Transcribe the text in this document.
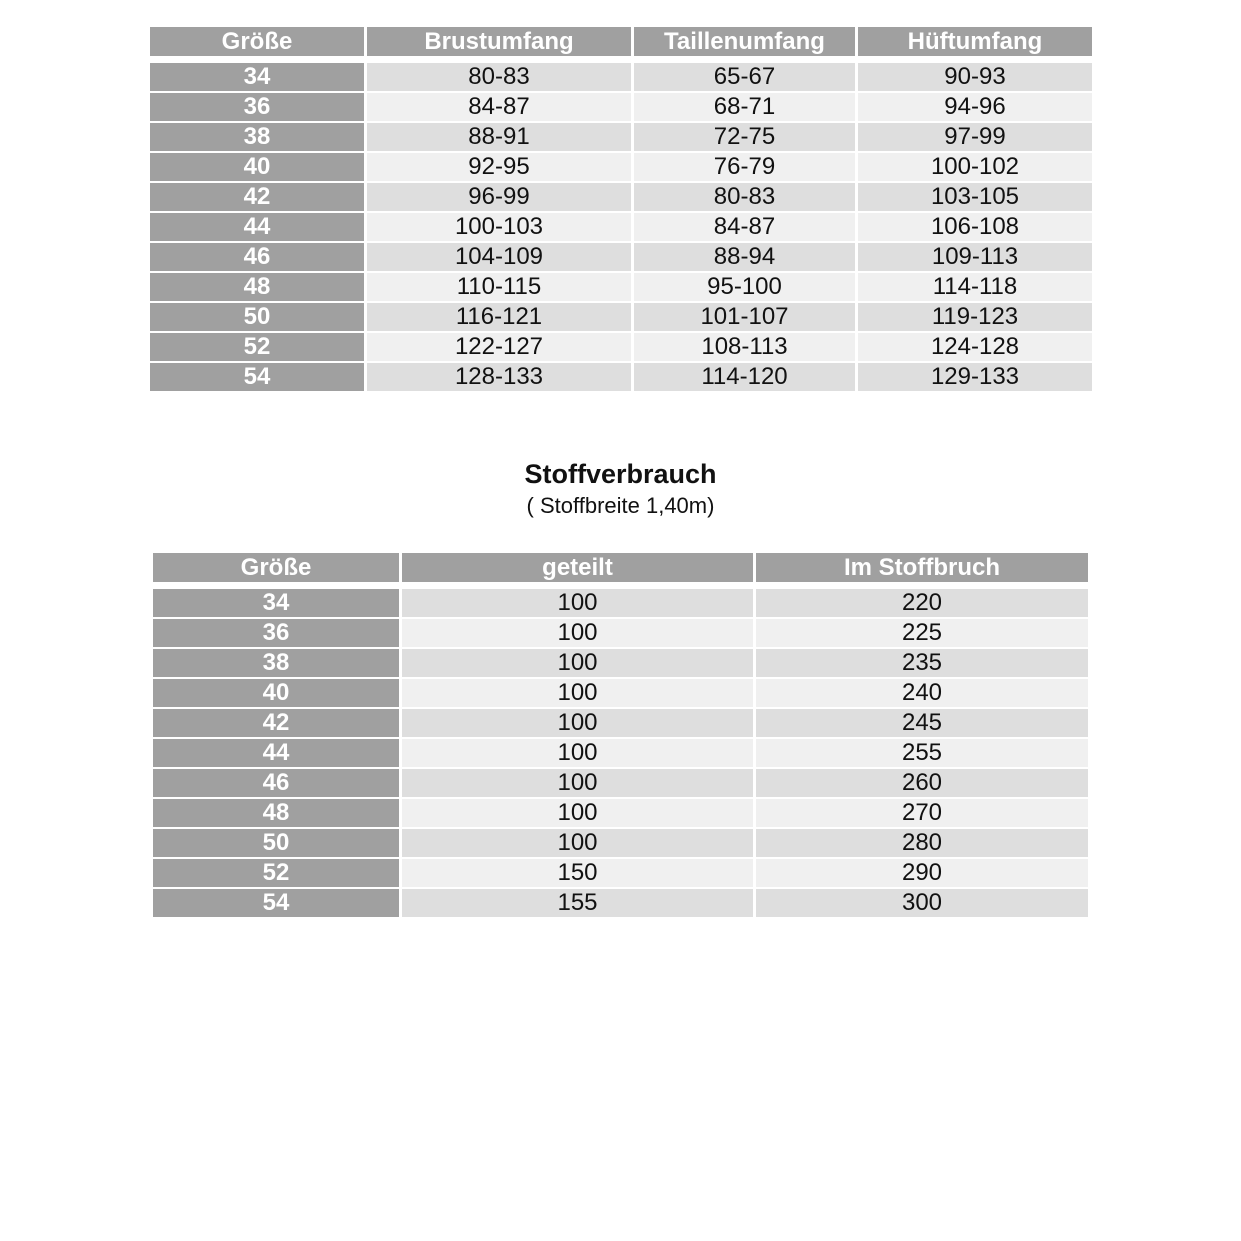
Größe	Brustumfang	Taillenumfang	Hüftumfang

34	80-83	65-67	90-93
36	84-87	68-71	94-96
38	88-91	72-75	97-99
40	92-95	76-79	100-102
42	96-99	80-83	103-105
44	100-103	84-87	106-108
46	104-109	88-94	109-113
48	110-115	95-100	114-118
50	116-121	101-107	119-123
52	122-127	108-113	124-128
54	128-133	114-120	129-133
Stoffverbrauch
( Stoffbreite 1,40m)
Größe	geteilt	Im Stoffbruch

34	100	220
36	100	225
38	100	235
40	100	240
42	100	245
44	100	255
46	100	260
48	100	270
50	100	280
52	150	290
54	155	300
